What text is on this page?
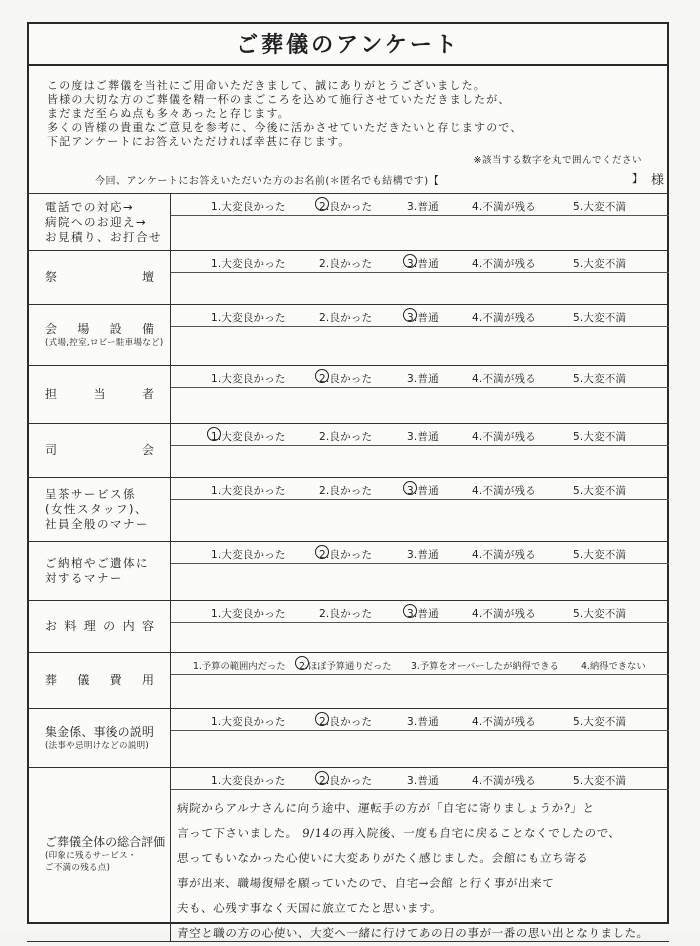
ご葬儀のアンケート
この度はご葬儀を当社にご用命いただきまして、誠にありがとうございました。
皆様の大切な方のご葬儀を精一杯のまごころを込めて施行させていただきましたが、
まだまだ至らぬ点も多々あったと存じます。
多くの皆様の貴重なご意見を参考に、今後に活かさせていただきたいと存じますので、
下記アンケートにお答えいただければ幸甚に存じます。
※該当する数字を丸で囲んでください
今回、アンケートにお答えいただいた方のお名前(＊匿名でも結構です)【	】 様
電話での対応→
病院へのお迎え→
お見積り、お打合せ
1.大変良かった	2.良かった	3.普通	4.不満が残る	5.大変不満
祭	壇
1.大変良かった	2.良かった	3.普通	4.不満が残る	5.大変不満
会 場 設 備
(式場,控室,ロビー駐車場など)
1.大変良かった	2.良かった	3.普通	4.不満が残る	5.大変不満
担	当	者
1.大変良かった	2.良かった	3.普通	4.不満が残る	5.大変不満
司	会
1.大変良かった	2.良かった	3.普通	4.不満が残る	5.大変不満
呈茶サービス係
(女性スタッフ)、
社員全般のマナー
1.大変良かった	2.良かった	3.普通	4.不満が残る	5.大変不満
ご納棺やご遺体に
対するマナー
1.大変良かった	2.良かった	3.普通	4.不満が残る	5.大変不満
お 料 理 の 内 容
1.大変良かった	2.良かった	3.普通	4.不満が残る	5.大変不満
葬 儀 費 用
1.予算の範囲内だった 2.ほぼ予算通りだった 3.予算をオーバーしたが納得できる 4.納得できない
集 金 係 、 事 後 の 説 明
(法事や忌明けなどの説明)
1.大変良かった	2.良かった	3.普通	4.不満が残る	5.大変不満
ご 葬 儀 全 体 の 総 合 評 価
(印象に残るサービス・
ご不満の残る点)
1.大変良かった	2.良かった	3.普通	4.不満が残る	5.大変不満
病院からアルナさんに向う途中、運転手の方が「自宅に寄りましょうか?」と
言って下さいました。 9/14の再入院後、一度も自宅に戻ることなくでしたので、
思ってもいなかった心使いに大変ありがたく感じました。会館にも立ち寄る
事が出来、職場復帰を願っていたので、自宅→会館 と行く事が出来て
夫も、心残す事なく天国に旅立てたと思います。
青空と職の方の心使い、大変へ一緒に行けてあの日の事が一番の思い出となりました。
